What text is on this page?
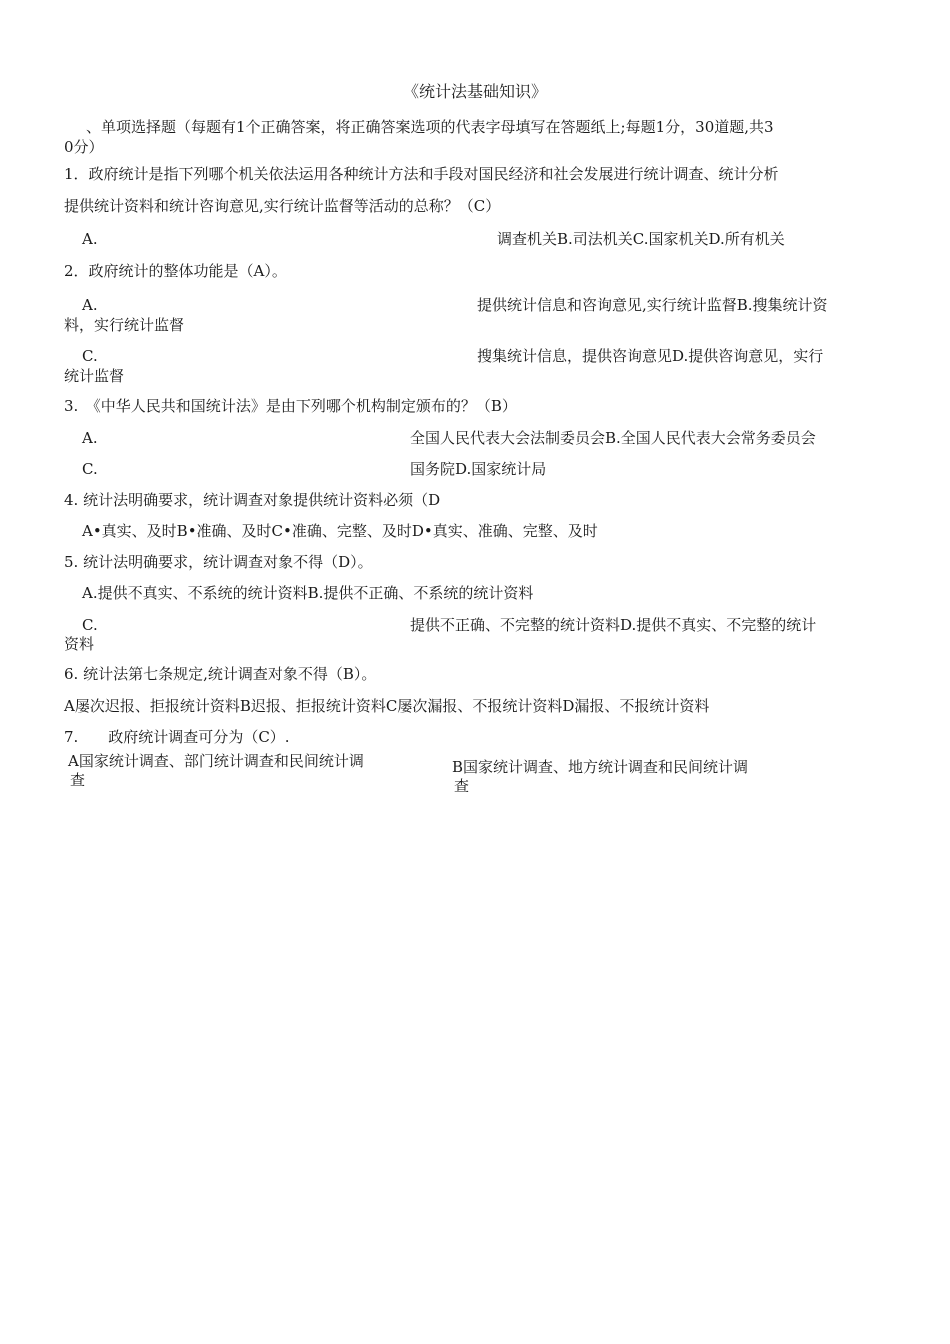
《统计法基础知识》
、单项选择题（每题有1个正确答案，将正确答案选项的代表字母填写在答题纸上;每题1分，30道题,共3
0分）
1．政府统计是指下列哪个机关依法运用各种统计方法和手段对国民经济和社会发展进行统计调查、统计分析
提供统计资料和统计咨询意见,实行统计监督等活动的总称？（C）
A.	调查机关B.司法机关C.国家机关D.所有机关
2．政府统计的整体功能是（A）。
A.	提供统计信息和咨询意见,实行统计监督B.搜集统计资
料，实行统计监督
C.	搜集统计信息，提供咨询意见D.提供咨询意见，实行
统计监督
3.　《中华人民共和国统计法》是由下列哪个机构制定颁布的？（B）
A.	全国人民代表大会法制委员会B.全国人民代表大会常务委员会
C.	国务院D.国家统计局
4. 统计法明确要求，统计调查对象提供统计资料必须（D
A•真实、及时B•准确、及时C•准确、完整、及时D•真实、准确、完整、及时
5. 统计法明确要求，统计调查对象不得（D）。
A.提供不真实、不系统的统计资料B.提供不正确、不系统的统计资料
C.	提供不正确、不完整的统计资料D.提供不真实、不完整的统计
资料
6. 统计法第七条规定,统计调查对象不得（B）。
A屡次迟报、拒报统计资料B迟报、拒报统计资料C屡次漏报、不报统计资料D漏报、不报统计资料
7.　　政府统计调查可分为（C）.
A国家统计调查、部门统计调查和民间统计调
查
B国家统计调查、地方统计调查和民间统计调
查
